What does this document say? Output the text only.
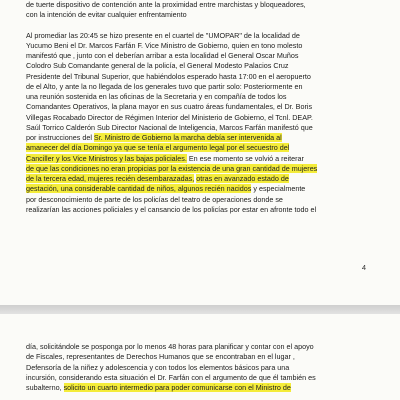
de tuerte dispositivo de contención ante la proximidad entre marchistas y bloqueadores,
con la intención de evitar cualquier enfrentamiento
Al promediar las 20:45 se hizo presente en el cuartel de "UMOPAR" de la localidad de
Yucumo Beni el Dr. Marcos Farfán F. Vice Ministro de Gobierno, quien en tono molesto
manifestó que ‚ junto con el deberían arribar a esta localidad el General Oscar Muños
Colodro Sub Comandante general de la policía, el General Modesto Palacios Cruz
Presidente del Tribunal Superior, que habiéndolos esperado hasta 17:00 en el aeropuerto
de el Alto, y ante la no llegada de los generales tuvo que partir solo: Posteriormente en
una reunión sostenida en las oficinas de la Secretaria y en compañía de todos los
Comandantes Operativos, la plana mayor en sus cuatro áreas fundamentales, el Dr. Boris
Villegas Rocabado Director de Régimen Interior del Ministerio de Gobierno, el Tcnl. DEAP.
Saúl Torrico Calderón Sub Director Nacional de Inteligencia, Marcos Farfán manifestó que
por instrucciones del Sr. Ministro de Gobierno la marcha debía ser intervenida al
amanecer del día Domingo ya que se tenía el argumento legal por el secuestro del
Canciller y los Vice Ministros y las bajas policiales. En ese momento se volvió a reiterar
de que las condiciones no eran propicias por la existencia de una gran cantidad de mujeres
de la tercera edad, mujeres recién desembarazadas, otras en avanzado estado de
gestación, una considerable cantidad de niños, algunos recién nacidos y especialmente
por desconocimiento de parte de los policías del teatro de operaciones donde se
realizarían las acciones policiales y el cansancio de los policías por estar en afronte todo el
4
día, solicitándole se posponga por lo menos 48 horas para planificar y contar con el apoyo
de Fiscales, representantes de Derechos Humanos que se encontraban en el lugar ,
Defensoría de la niñez y adolescencia y con todos los elementos básicos para una
incursión, considerando esta situación el Dr. Farfán con el argumento de que él también es
subalterno, solicito un cuarto intermedio para poder comunicarse con el Ministro de
